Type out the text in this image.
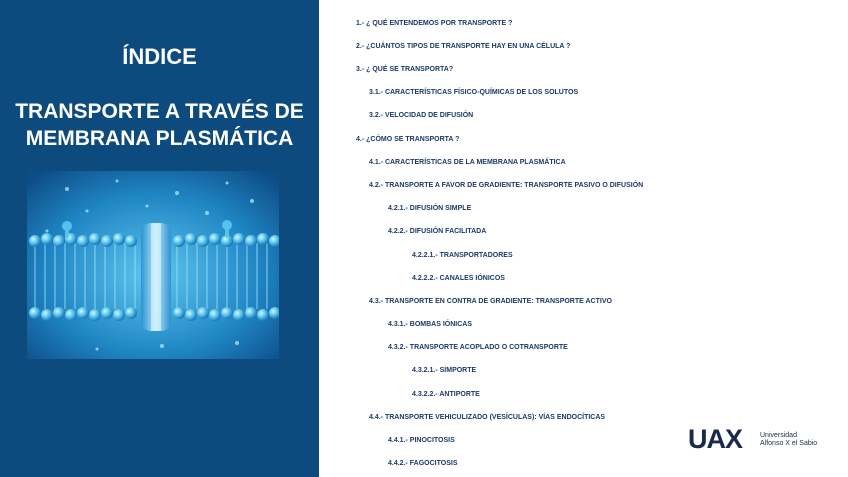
ÍNDICE
TRANSPORTE A TRAVÉS DE
MEMBRANA PLASMÁTICA
1.- ¿ QUÉ ENTENDEMOS POR TRANSPORTE ?
2.- ¿CUÁNTOS TIPOS DE TRANSPORTE HAY EN UNA CÉLULA ?
3.- ¿ QUÉ SE TRANSPORTA?
3.1.- CARACTERÍSTICAS FÍSICO-QUÍMICAS DE LOS SOLUTOS
3.2.- VELOCIDAD DE DIFUSIÓN
4.- ¿CÓMO SE TRANSPORTA ?
4.1.- CARACTERÍSTICAS DE LA MEMBRANA PLASMÁTICA
4.2.- TRANSPORTE A FAVOR DE GRADIENTE: TRANSPORTE PASIVO O DIFUSIÓN
4.2.1.- DIFUSIÓN SIMPLE
4.2.2.- DIFUSIÓN FACILITADA
4.2.2.1.- TRANSPORTADORES
4.2.2.2.- CANALES IÓNICOS
4.3.- TRANSPORTE EN CONTRA DE GRADIENTE: TRANSPORTE ACTIVO
4.3.1.- BOMBAS IÓNICAS
4.3.2.- TRANSPORTE ACOPLADO O COTRANSPORTE
4.3.2.1.- SIMPORTE
4.3.2.2.- ANTIPORTE
4.4.- TRANSPORTE VEHICULIZADO (VESÍCULAS): VÍAS ENDOCÍTICAS
4.4.1.- PINOCITOSIS
4.4.2.- FAGOCITOSIS
UAX	Universidad
Alfonso X el Sabio
